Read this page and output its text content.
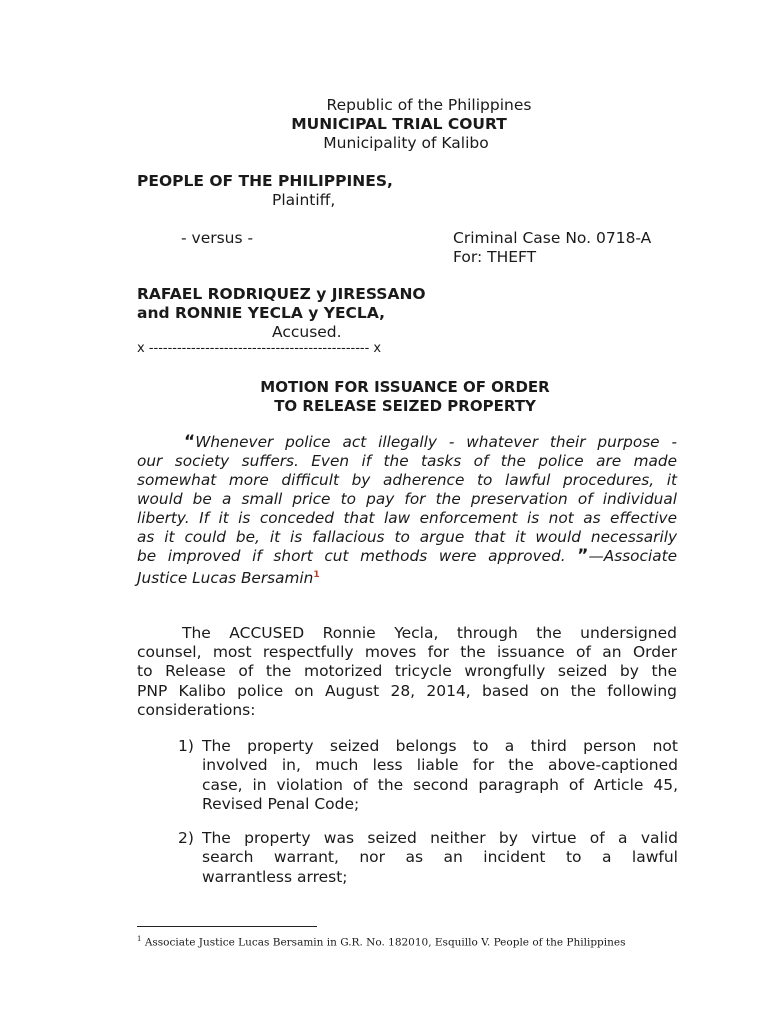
Republic of the Philippines
MUNICIPAL TRIAL COURT
Municipality of Kalibo
PEOPLE OF THE PHILIPPINES,
Plaintiff,
- versus -	Criminal Case No. 0718-A
For: THEFT
RAFAEL RODRIQUEZ y JIRESSANO
and RONNIE YECLA y YECLA,
Accused.
x ----------------------------------------------- x
MOTION FOR ISSUANCE OF ORDER
TO RELEASE SEIZED PROPERTY
“Whenever police act illegally - whatever their purpose -
our society suffers. Even if the tasks of the police are made
somewhat more difficult by adherence to lawful procedures, it
would be a small price to pay for the preservation of individual
liberty. If it is conceded that law enforcement is not as effective
as it could be, it is fallacious to argue that it would necessarily
be improved if short cut methods were approved. ”—Associate
Justice Lucas Bersamin$^1$
The ACCUSED Ronnie Yecla, through the undersigned
counsel, most respectfully moves for the issuance of an Order
to Release of the motorized tricycle wrongfully seized by the
PNP Kalibo police on August 28, 2014, based on the following
considerations:
1) The property seized belongs to a third person not
involved in, much less liable for the above-captioned
case, in violation of the second paragraph of Article 45,
Revised Penal Code;
2) The property was seized neither by virtue of a valid
search warrant, nor as an incident to a lawful
warrantless arrest;
$^1$ Associate Justice Lucas Bersamin in G.R. No. 182010, Esquillo V. People of the Philippines
